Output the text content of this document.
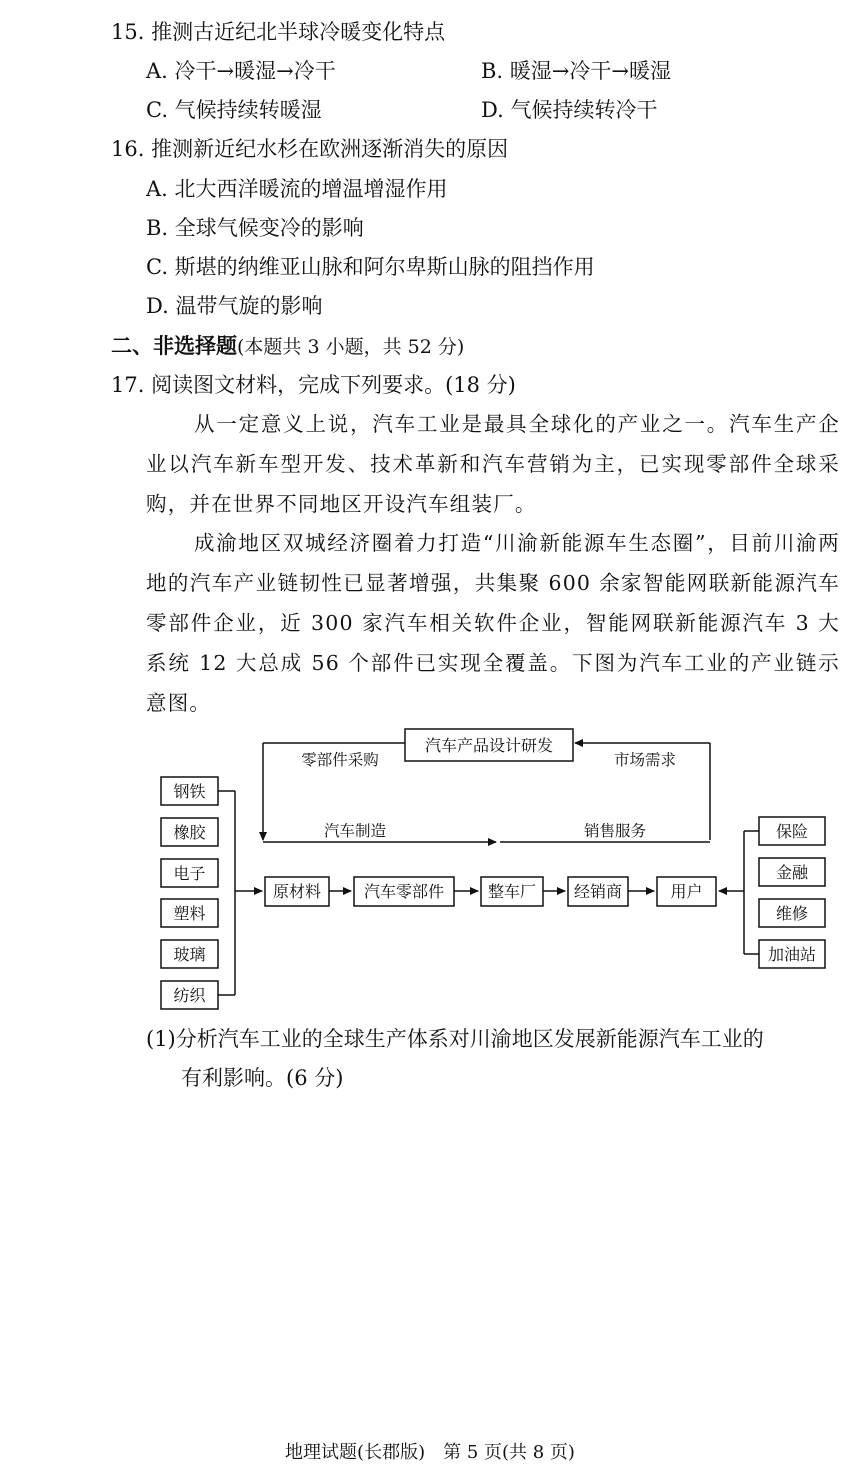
15. 推测古近纪北半球冷暖变化特点
A. 冷干→暖湿→冷干	B. 暖湿→冷干→暖湿
C. 气候持续转暖湿	D. 气候持续转冷干
16. 推测新近纪水杉在欧洲逐渐消失的原因
A. 北大西洋暖流的增温增湿作用
B. 全球气候变冷的影响
C. 斯堪的纳维亚山脉和阿尔卑斯山脉的阻挡作用
D. 温带气旋的影响
二、非选择题(本题共 3 小题，共 52 分)
17. 阅读图文材料，完成下列要求。(18 分)
从一定意义上说，汽车工业是最具全球化的产业之一。汽车生产企业以汽车新车型开发、技术革新和汽车营销为主，已实现零部件全球采购，并在世界不同地区开设汽车组装厂。
成渝地区双城经济圈着力打造“川渝新能源车生态圈”，目前川渝两地的汽车产业链韧性已显著增强，共集聚 600 余家智能网联新能源汽车零部件企业，近 300 家汽车相关软件企业，智能网联新能源汽车 3 大系统 12 大总成 56 个部件已实现全覆盖。下图为汽车工业的产业链示意图。
汽车产品设计研发
零部件采购	市场需求
汽车制造	销售服务
钢铁
橡胶
电子
塑料
玻璃
纺织
原材料	汽车零部件	整车厂 经销商	用户
保险
金融
维修
加油站
(1)分析汽车工业的全球生产体系对川渝地区发展新能源汽车工业的
有利影响。(6 分)
地理试题(长郡版)　第 5 页(共 8 页)
